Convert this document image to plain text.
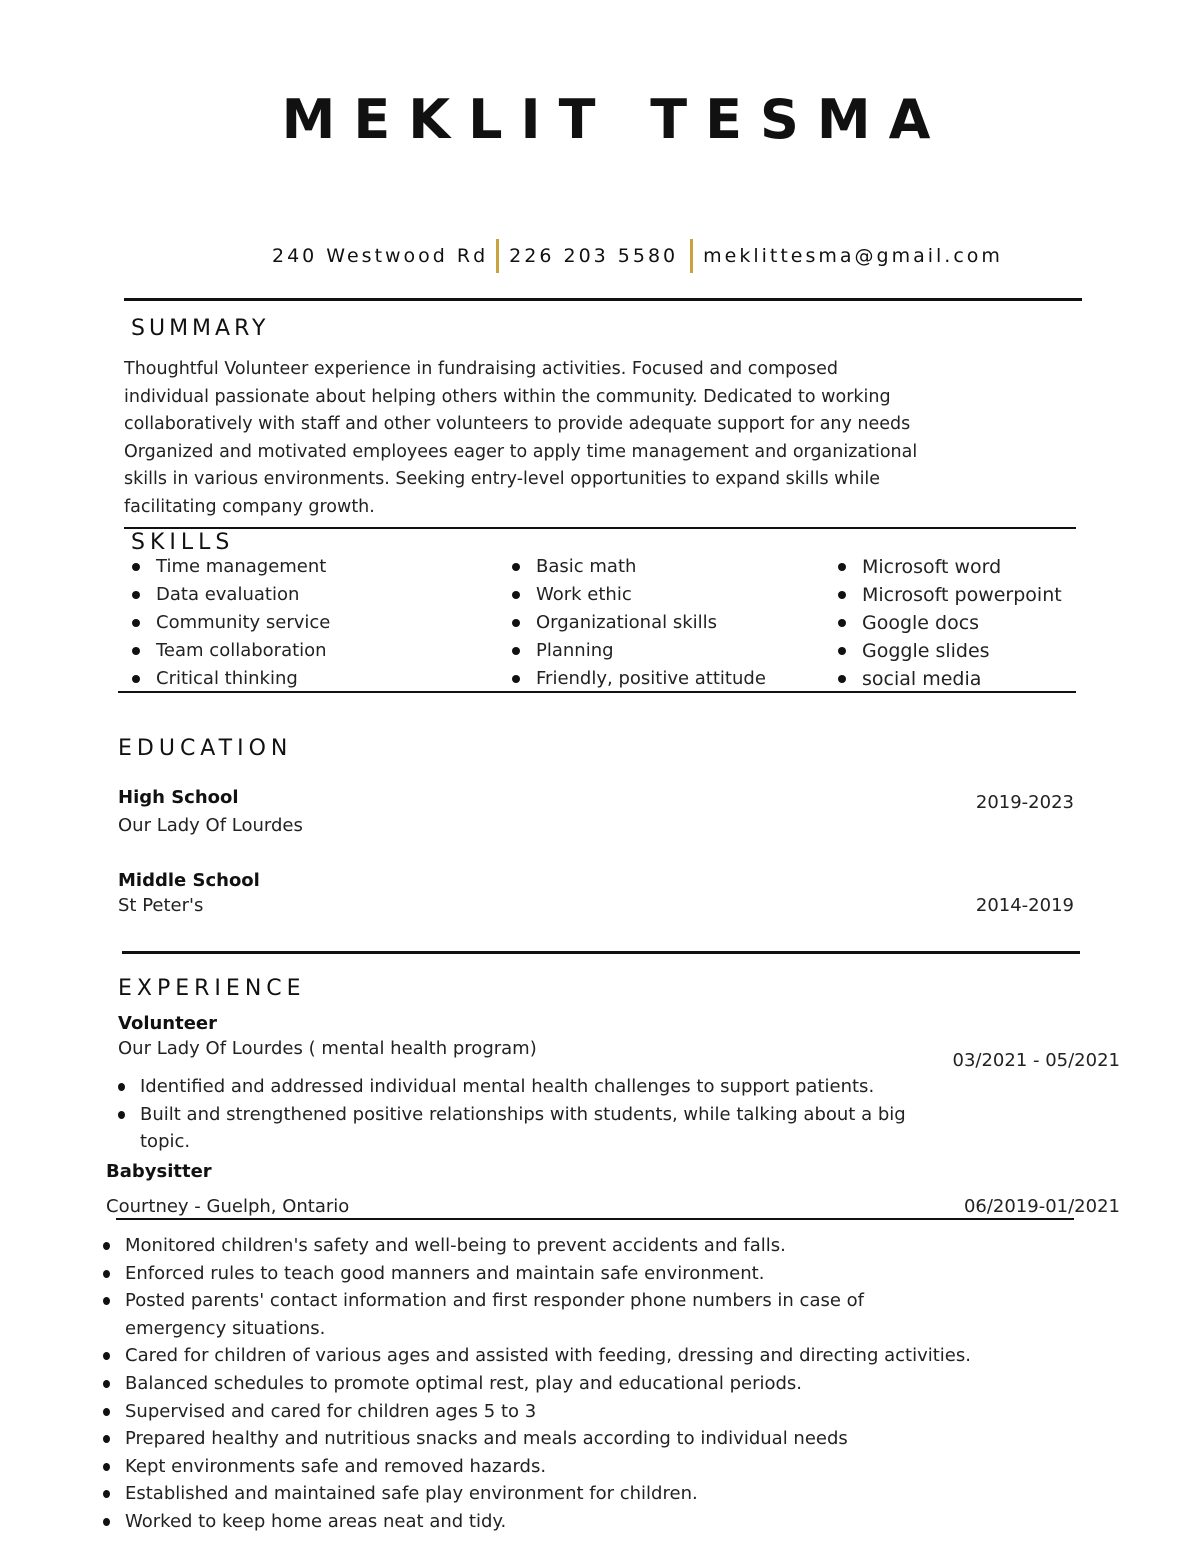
MEKLIT TESMA
240 Westwood Rd 226 203 5580 meklittesma@gmail.com
SUMMARY
Thoughtful Volunteer experience in fundraising activities. Focused and composed
individual passionate about helping others within the community. Dedicated to working
collaboratively with staff and other volunteers to provide adequate support for any needs
Organized and motivated employees eager to apply time management and organizational
skills in various environments. Seeking entry-level opportunities to expand skills while
facilitating company growth.
SKILLS
Time management
Data evaluation
Community service
Team collaboration
Critical thinking
Basic math
Work ethic
Organizational skills
Planning
Friendly, positive attitude
Microsoft word
Microsoft powerpoint
Google docs
Goggle slides
social media
EDUCATION
High School
Our Lady Of Lourdes
2019-2023
Middle School
St Peter's	2014-2019
EXPERIENCE
Volunteer
Our Lady Of Lourdes ( mental health program)
03/2021 - 05/2021
Identified and addressed individual mental health challenges to support patients.
Built and strengthened positive relationships with students, while talking about a big topic.
Babysitter
Courtney - Guelph, Ontario	06/2019-01/2021
Monitored children's safety and well-being to prevent accidents and falls.
Enforced rules to teach good manners and maintain safe environment.
Posted parents' contact information and first responder phone numbers in case of emergency situations.
Cared for children of various ages and assisted with feeding, dressing and directing activities.
Balanced schedules to promote optimal rest, play and educational periods.
Supervised and cared for children ages 5 to 3
Prepared healthy and nutritious snacks and meals according to individual needs
Kept environments safe and removed hazards.
Established and maintained safe play environment for children.
Worked to keep home areas neat and tidy.
